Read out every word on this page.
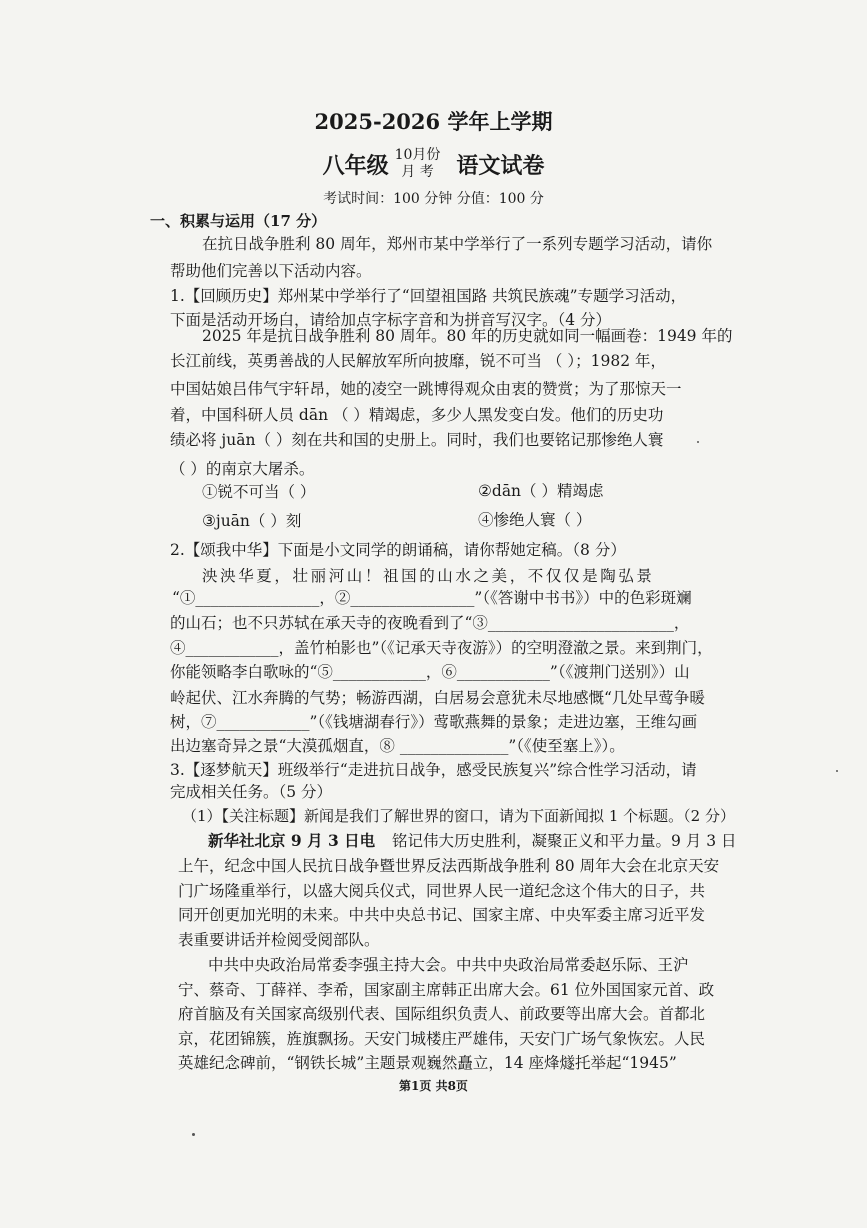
2025-2026 学年上学期
八年级 10月份
月 考 语文试卷
考试时间：100 分钟 分值：100 分
一、积累与运用（17 分）
在抗日战争胜利 80 周年，郑州市某中学举行了一系列专题学习活动，请你
帮助他们完善以下活动内容。
1.【回顾历史】郑州某中学举行了“回望祖国路 共筑民族魂”专题学习活动，
下面是活动开场白，请给加点字标字音和为拼音写汉字。（4 分）
2025 年是抗日战争胜利 80 周年。80 年的历史就如同一幅画卷：1949 年的
长江前线，英勇善战的人民解放军所向披靡，锐不可当 （ ）；1982 年，
中国姑娘吕伟气宇轩昂，她的凌空一跳博得观众由衷的赞赏；为了那惊天一
着，中国科研人员 dān （ ）精竭虑，多少人黑发变白发。他们的历史功
绩必将 juān（ ）刻在共和国的史册上。同时，我们也要铭记那惨绝人寰
（ ）的南京大屠杀。
①锐不可当（ ）	②dān（ ）精竭虑
③juān（ ）刻	④惨绝人寰（ ）
2.【颂我中华】下面是小文同学的朗诵稿，请你帮她定稿。（8 分）
泱泱华夏，壮丽河山！祖国的山水之美，不仅仅是陶弘景
“①________________，②________________”（《答谢中书书》）中的色彩斑斓
的山石；也不只苏轼在承天寺的夜晚看到了“③________________________，
④____________，盖竹柏影也”（《记承天寺夜游》）的空明澄澈之景。来到荆门，
你能领略李白歌咏的“⑤____________，⑥____________”（《渡荆门送别》）山
岭起伏、江水奔腾的气势；畅游西湖，白居易会意犹未尽地感慨“几处早莺争暖
树，⑦____________”（《钱塘湖春行》）莺歌燕舞的景象；走进边塞，王维勾画
出边塞奇异之景“大漠孤烟直，⑧ ______________”（《使至塞上》）。
3.【逐梦航天】班级举行“走进抗日战争，感受民族复兴”综合性学习活动，请
完成相关任务。（5 分）
（1）【关注标题】新闻是我们了解世界的窗口，请为下面新闻拟 1 个标题。（2 分）
新华社北京 9 月 3 日电 铭记伟大历史胜利，凝聚正义和平力量。9 月 3 日
上午，纪念中国人民抗日战争暨世界反法西斯战争胜利 80 周年大会在北京天安
门广场隆重举行，以盛大阅兵仪式，同世界人民一道纪念这个伟大的日子，共
同开创更加光明的未来。中共中央总书记、国家主席、中央军委主席习近平发
表重要讲话并检阅受阅部队。
中共中央政治局常委李强主持大会。中共中央政治局常委赵乐际、王沪
宁、蔡奇、丁薛祥、李希，国家副主席韩正出席大会。61 位外国国家元首、政
府首脑及有关国家高级别代表、国际组织负责人、前政要等出席大会。首都北
京，花团锦簇，旌旗飘扬。天安门城楼庄严雄伟，天安门广场气象恢宏。人民
英雄纪念碑前，“钢铁长城”主题景观巍然矗立，14 座烽燧托举起“1945”
第1页 共8页
